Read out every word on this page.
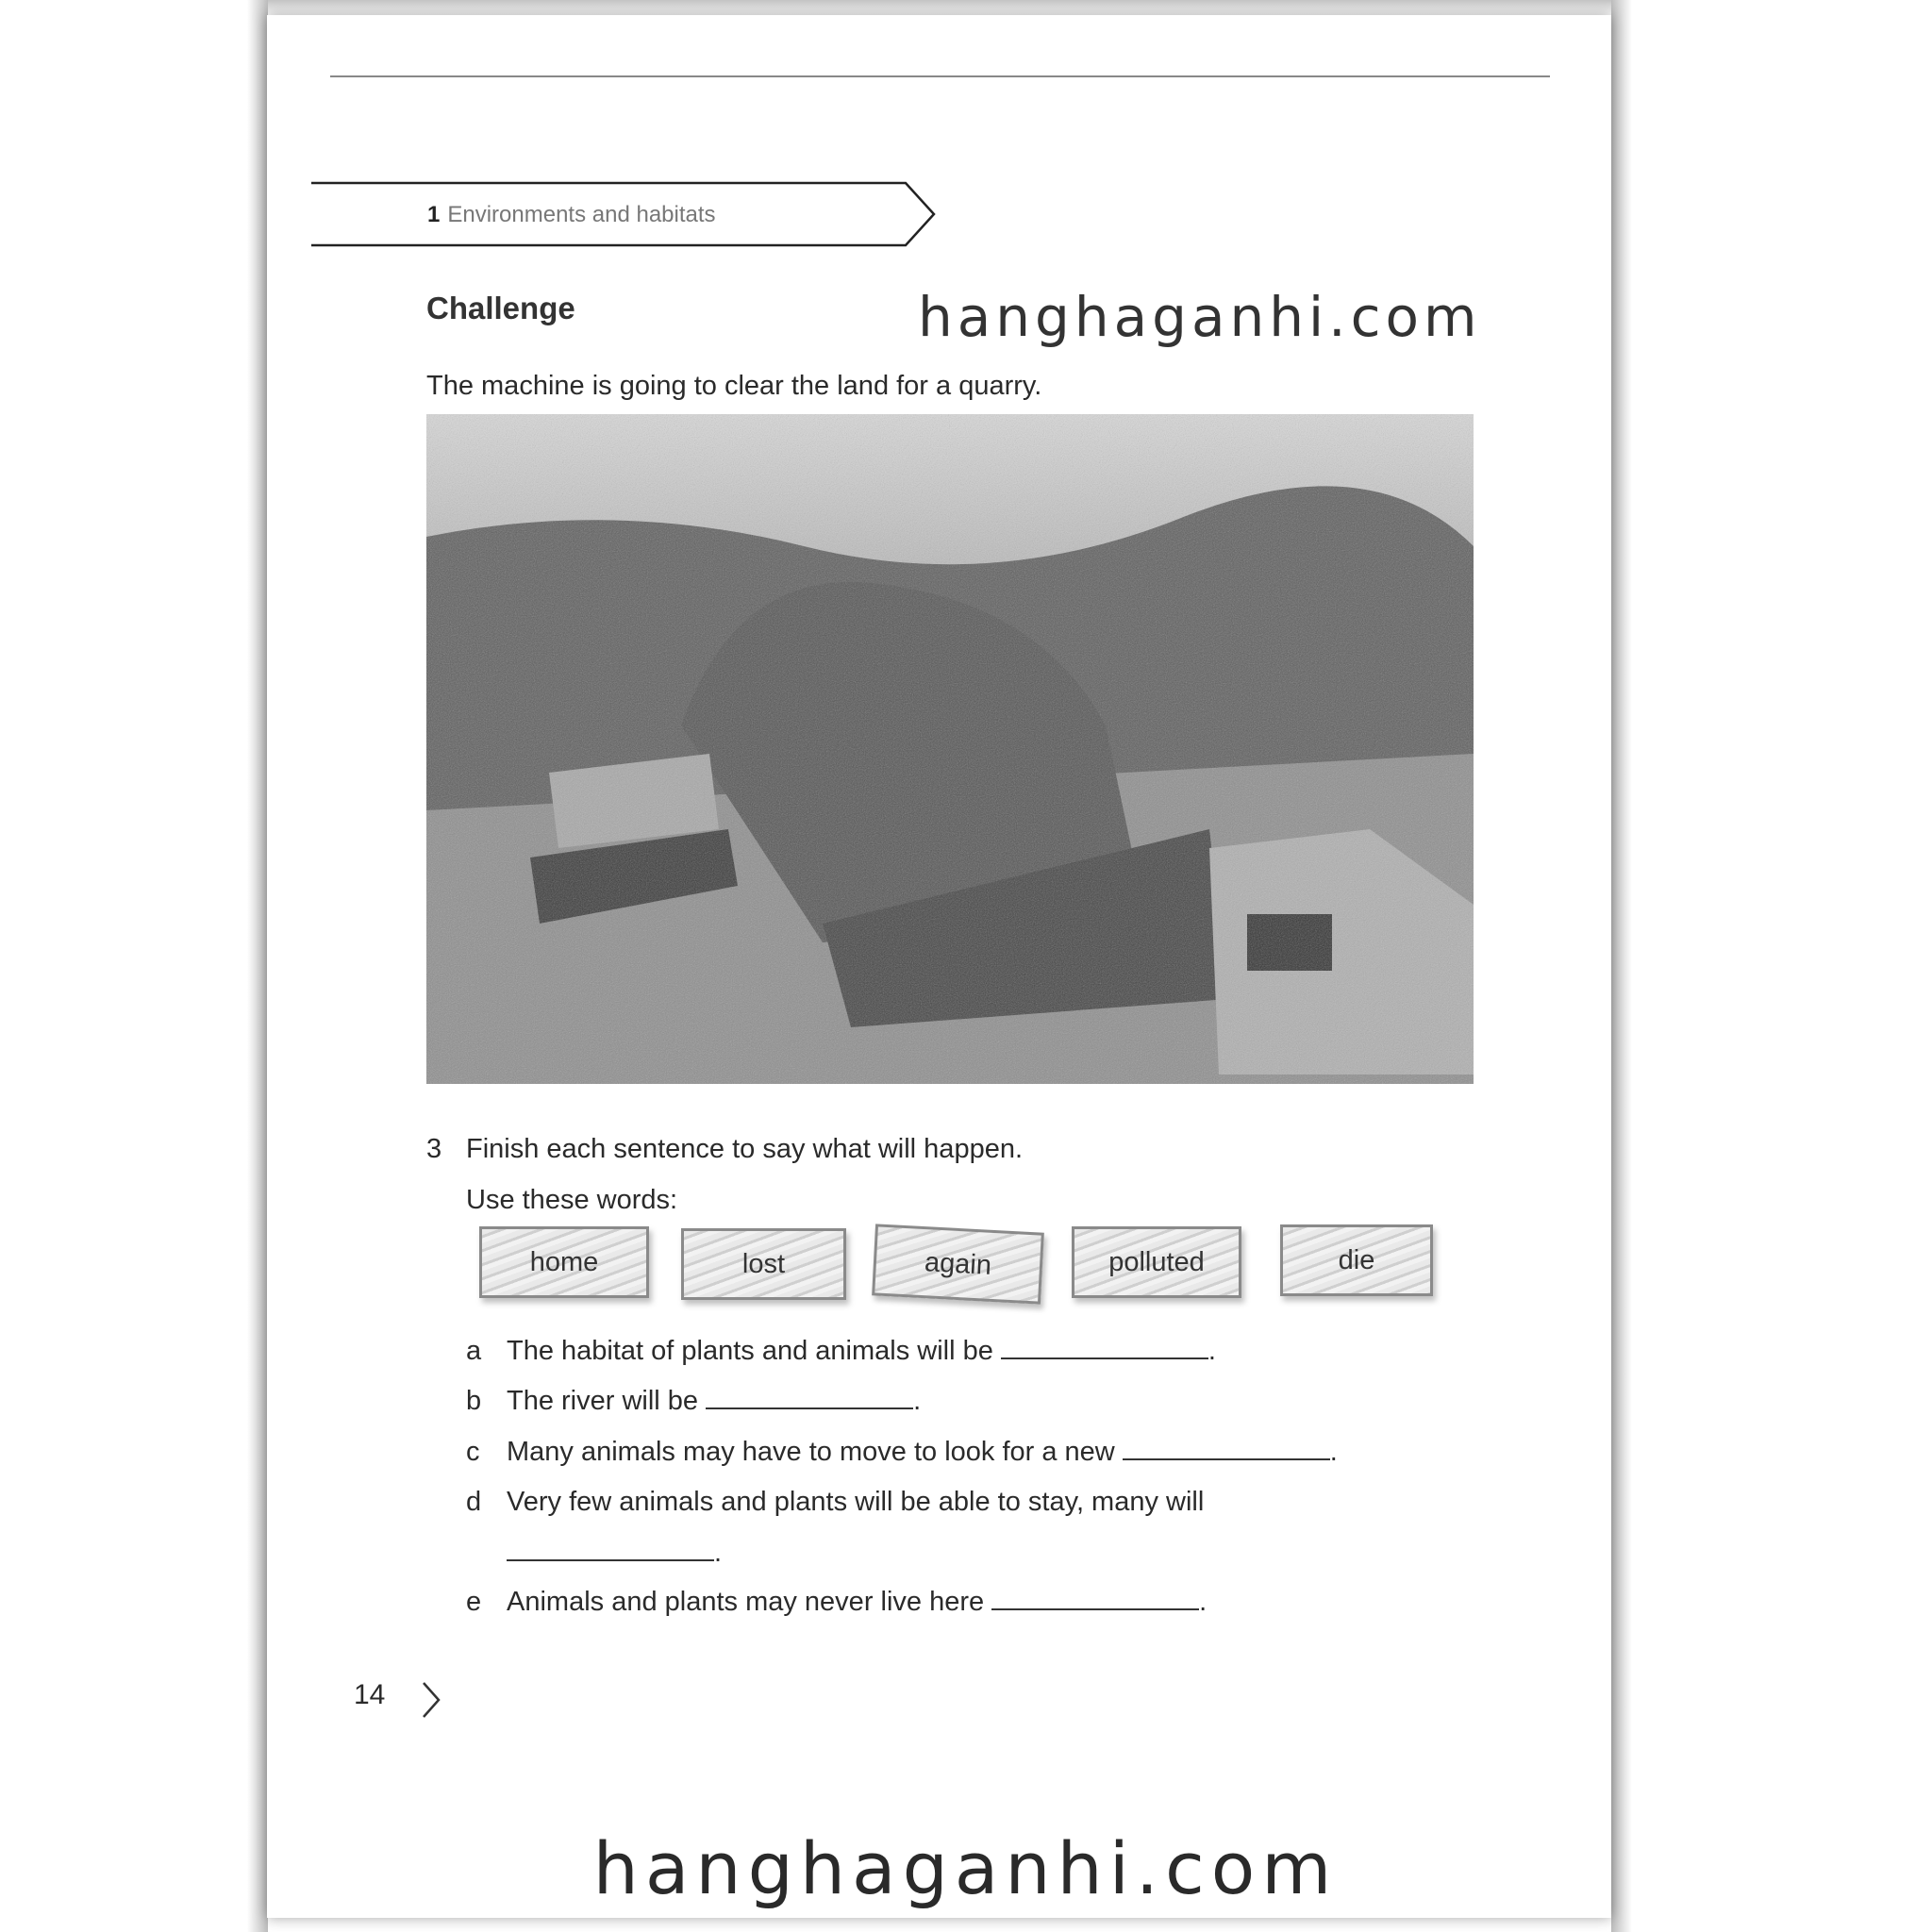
1 Environments and habitats
Challenge	hanghaganhi.com
The machine is going to clear the land for a quarry.
3 Finish each sentence to say what will happen.
Use these words:
home	lost	again	polluted	die
a The habitat of plants and animals will be	.
b The river will be	.
c Many animals may have to move to look for a new	.
d Very few animals and plants will be able to stay, many will
.
e Animals and plants may never live here	.
14
hanghaganhi.com
